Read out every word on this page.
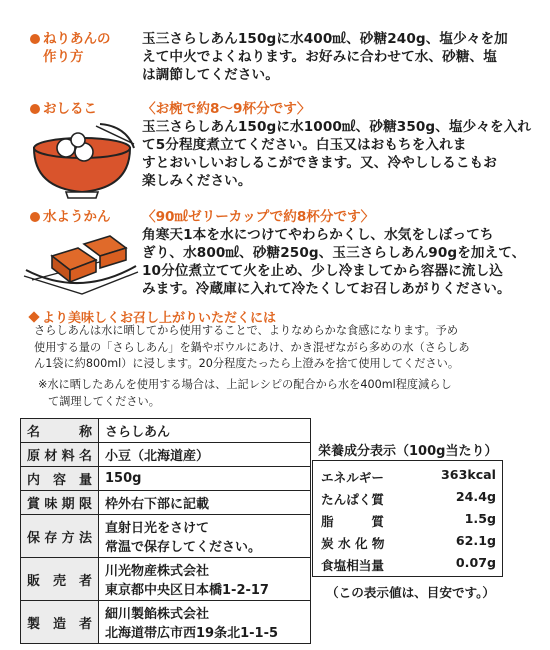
ねりあんの
作り方
玉三さらしあん150gに水400㎖、砂糖240g、塩少々を加
えて中火でよくねります。お好みに合わせて水、砂糖、塩
は調節してください。
おしるこ	〈お椀で約8～9杯分です〉
玉三さらしあん150gに水1000㎖、砂糖350g、塩少々を入れ
て5分程度煮立てください。白玉又はおもちを入れま
すとおいしいおしるこができます。又、冷やししるこもお
楽しみください。
水ようかん 〈90㎖ゼリーカップで約8杯分です〉
角寒天1本を水につけてやわらかくし、水気をしぼってち
ぎり、水800㎖、砂糖250g、玉三さらしあん90gを加えて、
10分位煮立てて火を止め、少し冷ましてから容器に流し込
みます。冷蔵庫に入れて冷たくしてお召しあがりください。
より美味しくお召し上がりいただくには
さらしあんは水に晒してから使用することで、よりなめらかな食感になります。予め
使用する量の「さらしあん」を鍋やボウルにあけ、かき混ぜながら多めの水（さらしあ
ん1袋に約800ml）に浸します。20分程度たったら上澄みを捨て使用してください。
※水に晒したあんを使用する場合は、上記レシピの配合から水を400ml程度減らし
て調理してください。
名称	さらしあん

原材料名	小豆（北海道産）

内容量	150g

賞味期限	枠外右下部に記載

保存方法	直射日光をさけて
常温で保存してください。

販売者	川光物産株式会社
東京都中央区日本橋1-2-17

製造者	細川製餡株式会社
北海道帯広市西19条北1-1-5
栄養成分表示（100g当たり）
エネルギー	363kcal
たんぱく質	24.4g
脂　　　質	1.5g
炭 水 化 物	62.1g
食塩相当量	0.07g
（この表示値は、目安です。）
